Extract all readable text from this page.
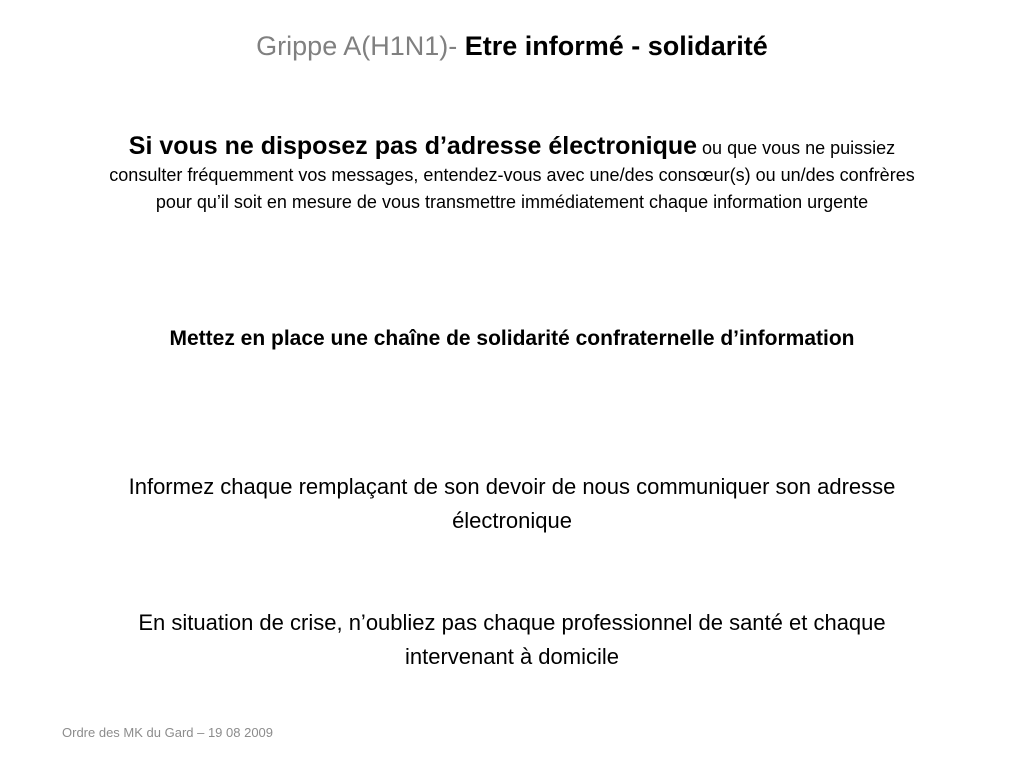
Grippe A(H1N1)- Etre informé - solidarité
Si vous ne disposez pas d’adresse électronique ou que vous ne puissiez consulter fréquemment vos messages, entendez-vous avec une/des consœur(s) ou un/des confrères pour qu’il soit en mesure de vous transmettre immédiatement chaque information urgente
Mettez en place une chaîne de solidarité confraternelle d’information
Informez chaque remplaçant de son devoir de nous communiquer son adresse électronique
En situation de crise, n’oubliez pas chaque professionnel de santé et chaque intervenant à domicile
Ordre des MK du Gard – 19 08 2009
